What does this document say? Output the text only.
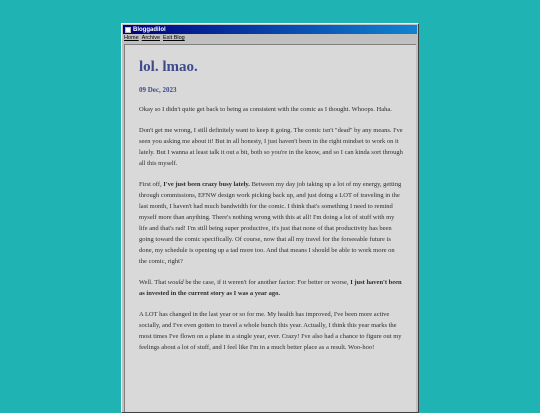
Bloggadilol
Home Archive Exit Blog
lol. lmao.
09 Dec, 2023

Okay so I didn't quite get back to being as consistent with the comic as I thought. Whoops. Haha.

Don't get me wrong, I still definitely want to keep it going. The comic isn't "dead" by any means. I've seen you asking me about it! But in all honesty, I just haven't been in the right mindset to work on it lately. But I wanna at least talk it out a bit, both so you're in the know, and so I can kinda sort through all this myself.

First off, I've just been crazy busy lately. Between my day job taking up a lot of my energy, getting through commissions, EFNW design work picking back up, and just doing a LOT of traveling in the last month, I haven't had much bandwidth for the comic. I think that's something I need to remind myself more than anything. There's nothing wrong with this at all! I'm doing a lot of stuff with my life and that's rad! I'm still being super productive, it's just that none of that productivity has been going toward the comic specifically. Of course, now that all my travel for the forseeable future is done, my schedule is opening up a tad more too. And that means I should be able to work more on the comic, right?

Well. That would be the case, if it weren't for another factor: For better or worse, I just haven't been as invested in the current story as I was a year ago.

A LOT has changed in the last year or so for me. My health has improved, I've been more active socially, and I've even gotten to travel a whole bunch this year. Actually, I think this year marks the most times I've flown on a plane in a single year, ever. Crazy! I've also had a chance to figure out my feelings about a lot of stuff, and I feel like I'm in a much better place as a result. Woo-hoo!
